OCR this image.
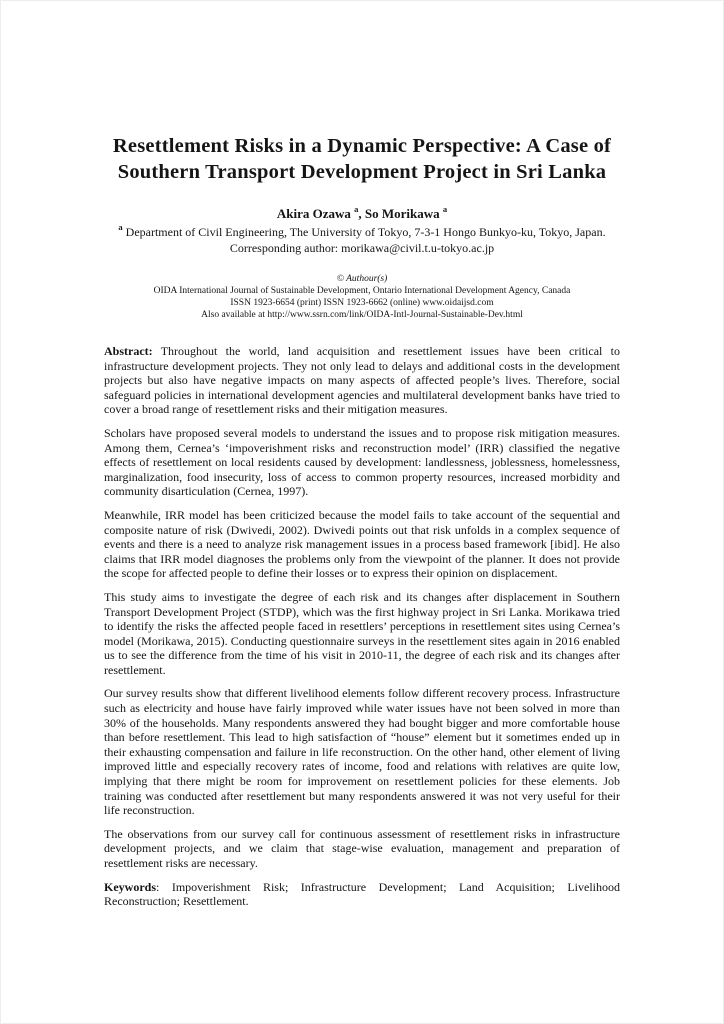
Resettlement Risks in a Dynamic Perspective: A Case of
Southern Transport Development Project in Sri Lanka

Akira Ozawa $^a$, So Morikawa $^a$

$^a$ Department of Civil Engineering, The University of Tokyo, 7-3-1 Hongo Bunkyo-ku, Tokyo, Japan.

Corresponding author: morikawa@civil.t.u-tokyo.ac.jp

© Authour(s)

OIDA International Journal of Sustainable Development, Ontario International Development Agency, Canada

ISSN 1923-6654 (print) ISSN 1923-6662 (online) www.oidaijsd.com

Also available at http://www.ssrn.com/link/OIDA-Intl-Journal-Sustainable-Dev.html

Abstract: Throughout the world, land acquisition and resettlement issues have been critical to infrastructure development projects. They not only lead to delays and additional costs in the development projects but also have negative impacts on many aspects of affected people’s lives. Therefore, social safeguard policies in international development agencies and multilateral development banks have tried to cover a broad range of resettlement risks and their mitigation measures.

Scholars have proposed several models to understand the issues and to propose risk mitigation measures. Among them, Cernea’s ‘impoverishment risks and reconstruction model’ (IRR) classified the negative effects of resettlement on local residents caused by development: landlessness, joblessness, homelessness, marginalization, food insecurity, loss of access to common property resources, increased morbidity and community disarticulation (Cernea, 1997).

Meanwhile, IRR model has been criticized because the model fails to take account of the sequential and composite nature of risk (Dwivedi, 2002). Dwivedi points out that risk unfolds in a complex sequence of events and there is a need to analyze risk management issues in a process based framework [ibid]. He also claims that IRR model diagnoses the problems only from the viewpoint of the planner. It does not provide the scope for affected people to define their losses or to express their opinion on displacement.

This study aims to investigate the degree of each risk and its changes after displacement in Southern Transport Development Project (STDP), which was the first highway project in Sri Lanka. Morikawa tried to identify the risks the affected people faced in resettlers’ perceptions in resettlement sites using Cernea’s model (Morikawa, 2015). Conducting questionnaire surveys in the resettlement sites again in 2016 enabled us to see the difference from the time of his visit in 2010-11, the degree of each risk and its changes after resettlement.

Our survey results show that different livelihood elements follow different recovery process. Infrastructure such as electricity and house have fairly improved while water issues have not been solved in more than 30% of the households. Many respondents answered they had bought bigger and more comfortable house than before resettlement. This lead to high satisfaction of “house” element but it sometimes ended up in their exhausting compensation and failure in life reconstruction. On the other hand, other element of living improved little and especially recovery rates of income, food and relations with relatives are quite low, implying that there might be room for improvement on resettlement policies for these elements. Job training was conducted after resettlement but many respondents answered it was not very useful for their life reconstruction.

The observations from our survey call for continuous assessment of resettlement risks in infrastructure development projects, and we claim that stage-wise evaluation, management and preparation of resettlement risks are necessary.

Keywords: Impoverishment Risk; Infrastructure Development; Land Acquisition; Livelihood Reconstruction; Resettlement.
